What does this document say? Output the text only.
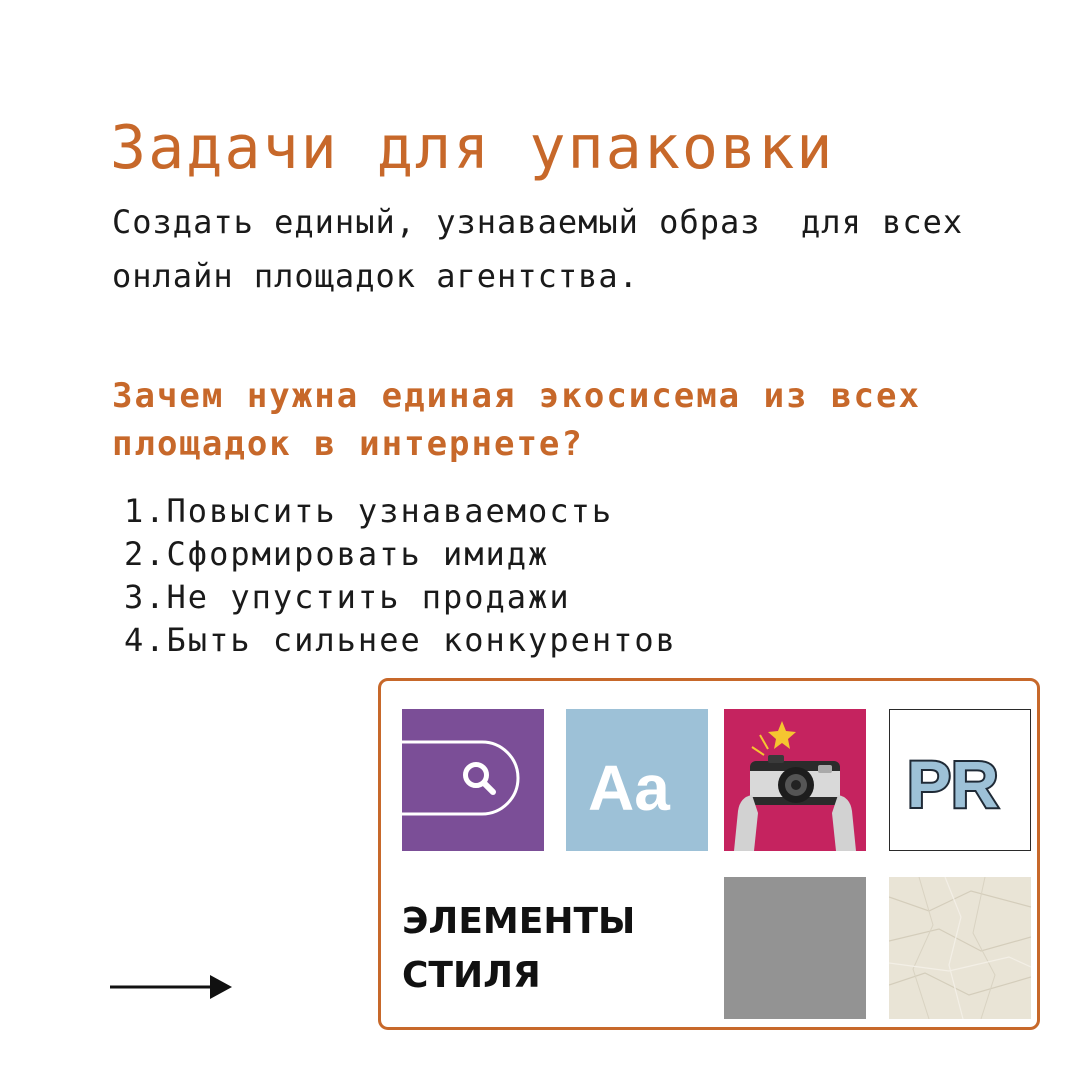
Задачи для упаковки

Создать единый, узнаваемый образ  для всех онлайн площадок агентства.

Зачем нужна единая экосисема из всех площадок в интернете?
1.Повысить узнаваемость
2.Сформировать имидж
3.Не упустить продажи
4.Быть сильнее конкурентов
Aa	PR

ЭЛЕМЕНТЫ
СТИЛЯ
